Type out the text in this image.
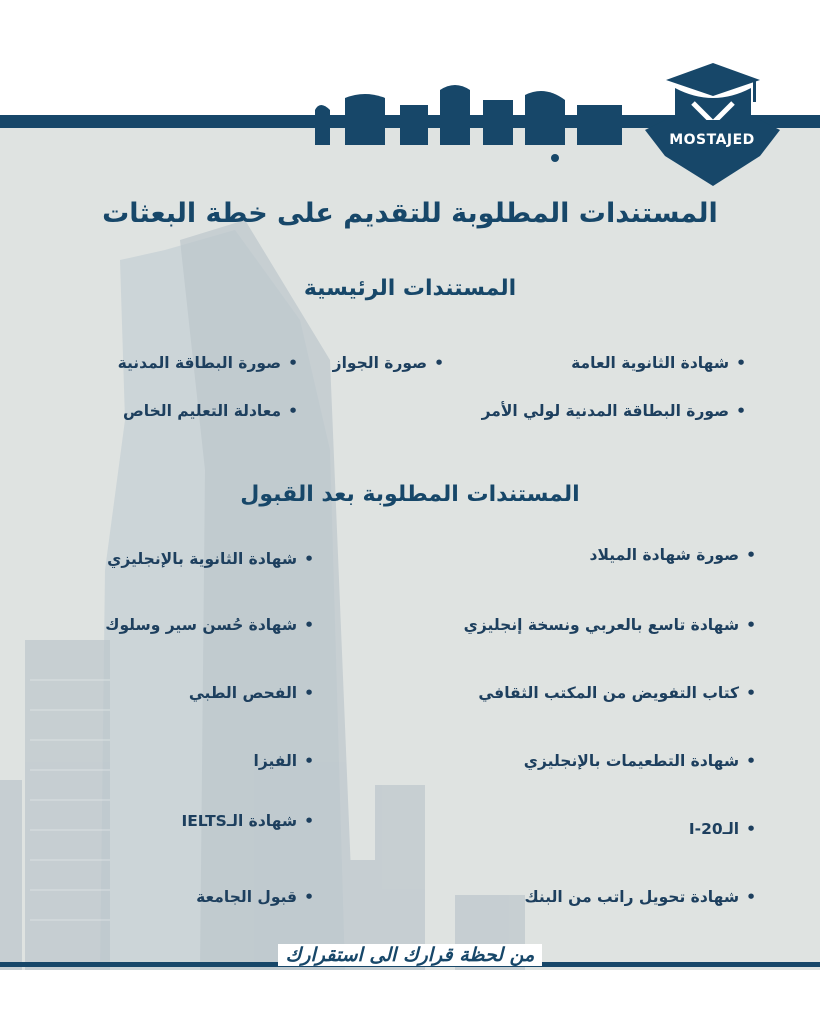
MOSTAJED
المستندات المطلوبة للتقديم على خطة البعثات
المستندات الرئيسية
• شهادة الثانوية العامة
• صورة الجواز
• صورة البطاقة المدنية
• صورة البطاقة المدنية لولي الأمر
• معادلة التعليم الخاص
المستندات المطلوبة بعد القبول
• صورة شهادة الميلاد
• شهادة تاسع بالعربي ونسخة إنجليزي
• كتاب التفويض من المكتب الثقافي
• شهادة التطعيمات بالإنجليزي
• الـ20-I
• شهادة تحويل راتب من البنك
• شهادة الثانوية بالإنجليزي
• شهادة حُسن سير وسلوك
• الفحص الطبي
• الفيزا
• شهادة الـIELTS
• قبول الجامعة
من لحظة قرارك الى استقرارك
